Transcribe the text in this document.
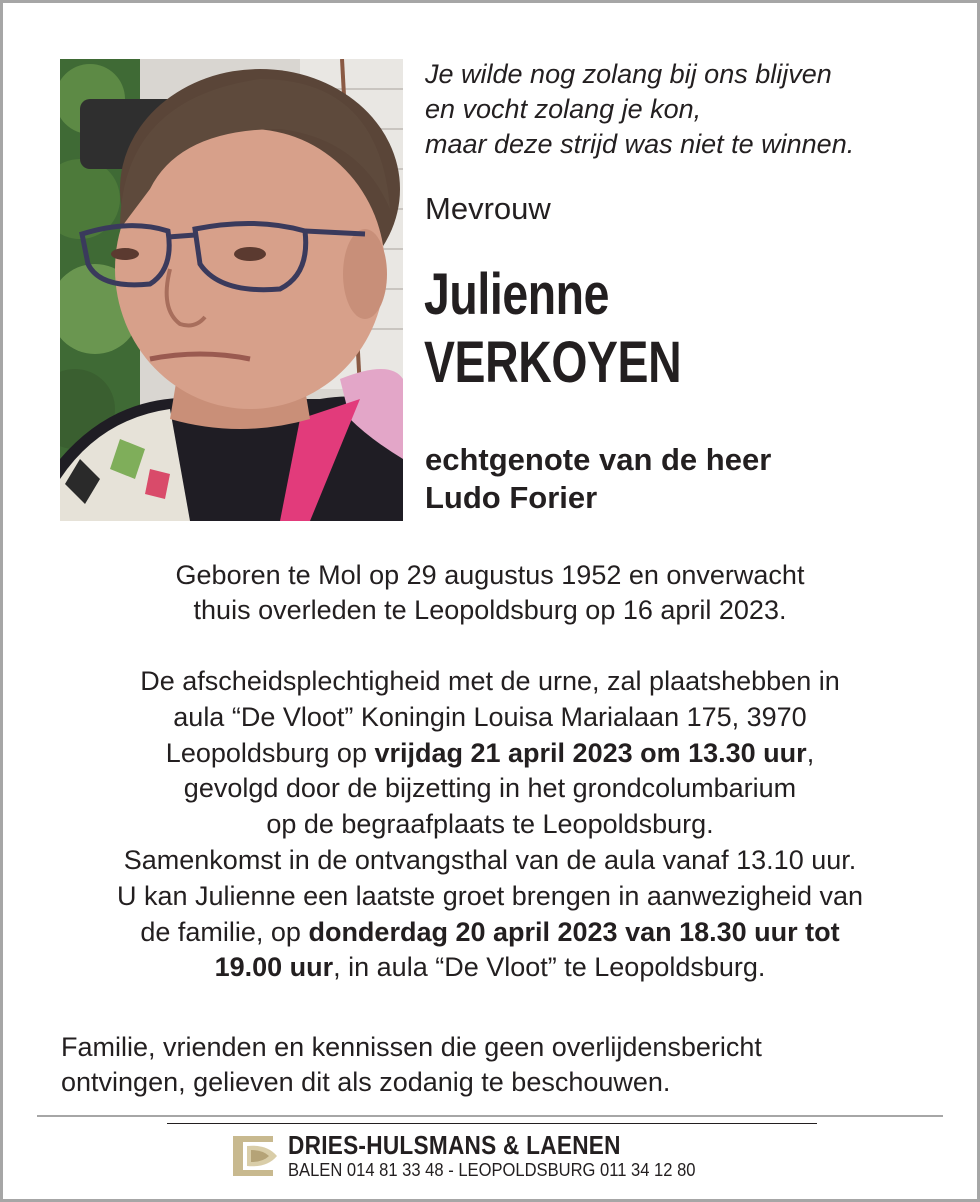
Je wilde nog zolang bij ons blijven
en vocht zolang je kon,
maar deze strijd was niet te winnen.
Mevrouw
Julienne
VERKOYEN
echtgenote van de heer
Ludo Forier
Geboren te Mol op 29 augustus 1952 en onverwacht
thuis overleden te Leopoldsburg op 16 april 2023.
De afscheidsplechtigheid met de urne, zal plaatshebben in
aula “De Vloot” Koningin Louisa Marialaan 175, 3970
Leopoldsburg op vrijdag 21 april 2023 om 13.30 uur,
gevolgd door de bijzetting in het grondcolumbarium
op de begraafplaats te Leopoldsburg.
Samenkomst in de ontvangsthal van de aula vanaf 13.10 uur.
U kan Julienne een laatste groet brengen in aanwezigheid van
de familie, op donderdag 20 april 2023 van 18.30 uur tot
19.00 uur, in aula “De Vloot” te Leopoldsburg.
Familie, vrienden en kennissen die geen overlijdensbericht
ontvingen, gelieven dit als zodanig te beschouwen.
DRIES-HULSMANS & LAENEN
BALEN 014 81 33 48 - LEOPOLDSBURG 011 34 12 80
